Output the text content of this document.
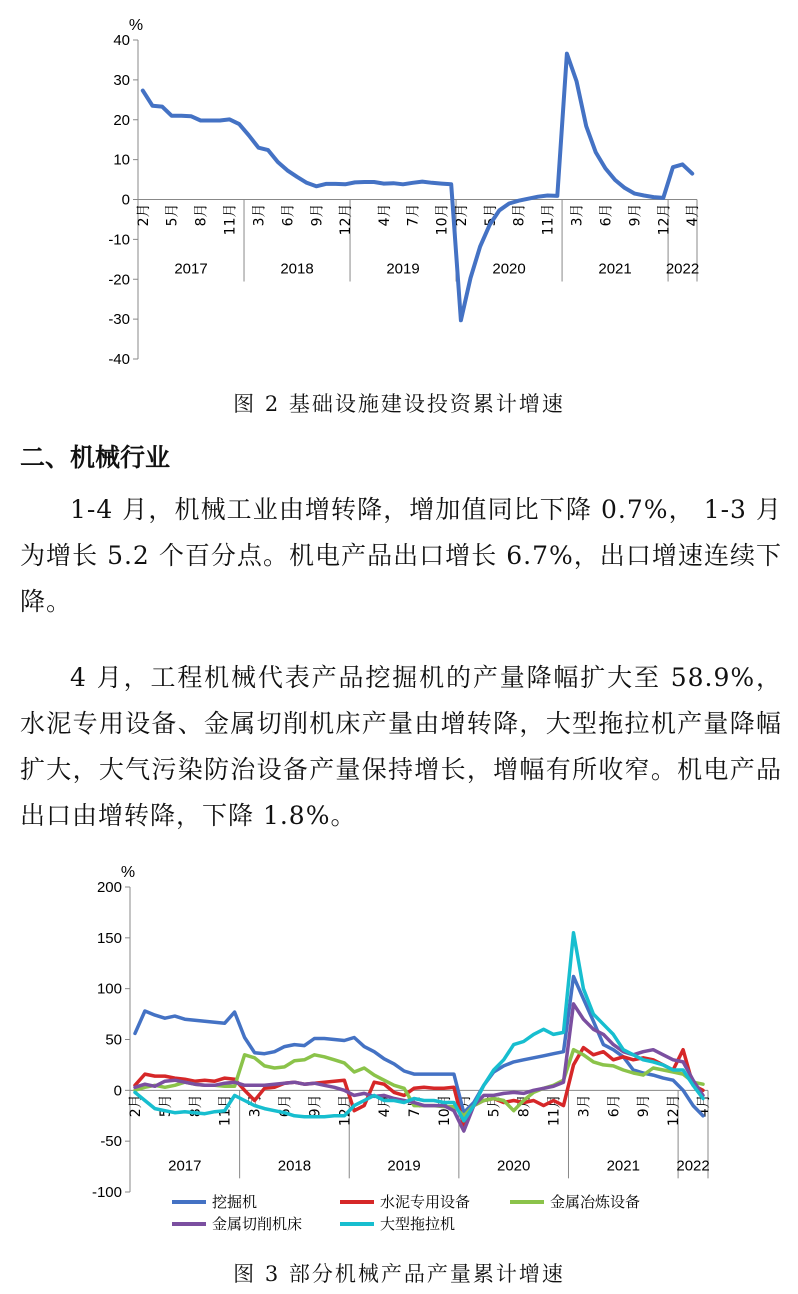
40
30
20
10
0
-10
-20
-30
-40
%
2月 5月 8月 11月 3月 6月 9月 12月 4月 7月 10月 2月 5月 8月 11月 3月 6月 9月 12月 4月
2017	2018	2019	2020	2021 2022
图 2 基础设施建设投资累计增速
二、机械行业

1-4 月，机械工业由增转降，增加值同比下降 0.7%， 1-3 月为增长 5.2 个百分点。机电产品出口增长 6.7%，出口增速连续下降。

4 月，工程机械代表产品挖掘机的产量降幅扩大至 58.9%，水泥专用设备、金属切削机床产量由增转降，大型拖拉机产量降幅扩大，大气污染防治设备产量保持增长，增幅有所收窄。机电产品出口由增转降，下降 1.8%。

200
150
100
50
0
-50
-100
%
2月 5月 8月 11月 3月 6月 9月 12月 4月 7月 10月 2月 5月 8月 11月 3月 6月 9月 12月 4月
2017	2018	2019	2020	2021 2022
挖掘机	水泥专用设备	金属冶炼设备
金属切削机床	大型拖拉机
图 3 部分机械产品产量累计增速
